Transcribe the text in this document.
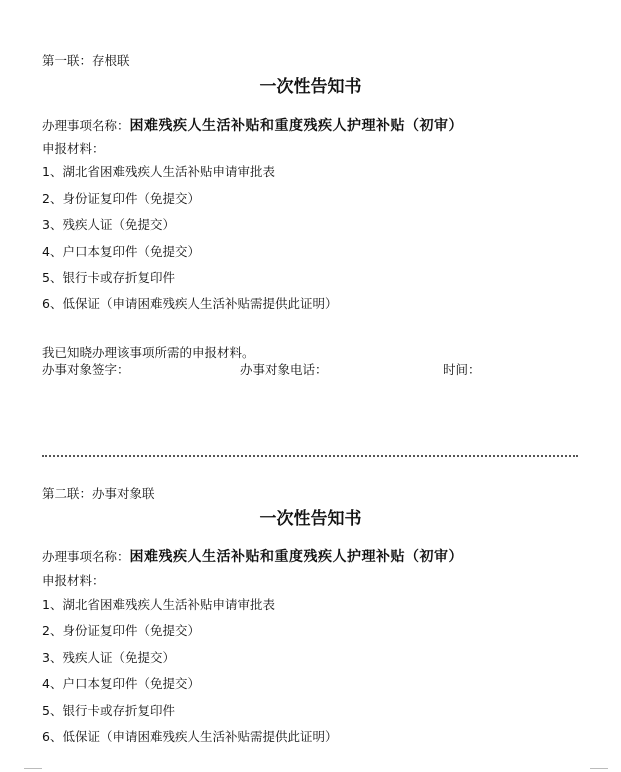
第一联：存根联
一次性告知书
办理事项名称：困难残疾人生活补贴和重度残疾人护理补贴（初审）
申报材料：
1、湖北省困难残疾人生活补贴申请审批表
2、身份证复印件（免提交）
3、残疾人证（免提交）
4、户口本复印件（免提交）
5、银行卡或存折复印件
6、低保证（申请困难残疾人生活补贴需提供此证明）
我已知晓办理该事项所需的申报材料。
办事对象签字：	办事对象电话：	时间：
第二联：办事对象联
一次性告知书
办理事项名称：困难残疾人生活补贴和重度残疾人护理补贴（初审）
申报材料：
1、湖北省困难残疾人生活补贴申请审批表
2、身份证复印件（免提交）
3、残疾人证（免提交）
4、户口本复印件（免提交）
5、银行卡或存折复印件
6、低保证（申请困难残疾人生活补贴需提供此证明）
